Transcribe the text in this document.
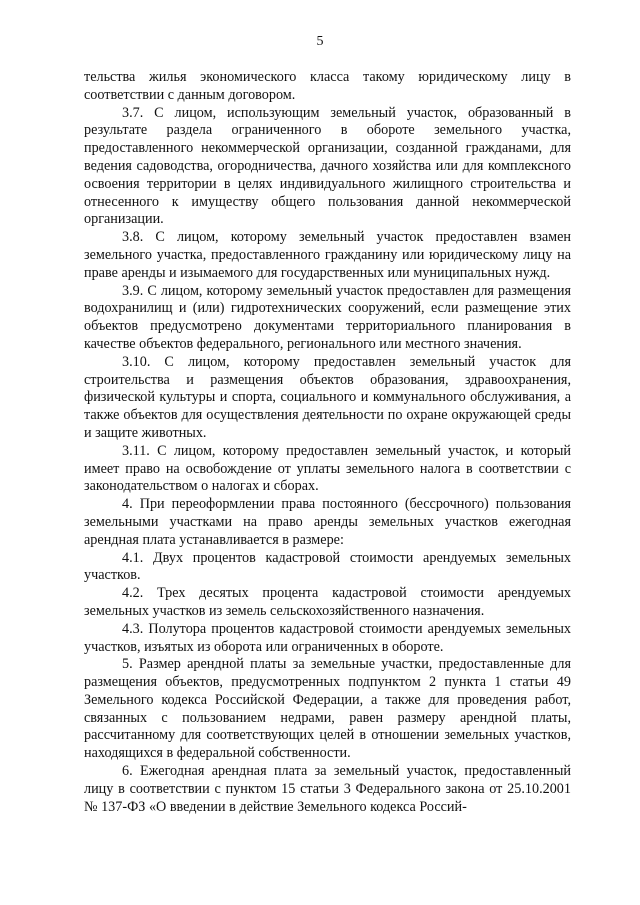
5

тельства жилья экономического класса такому юридическому лицу в соответствии с данным договором.

3.7. С лицом, использующим земельный участок, образованный в результате раздела ограниченного в обороте земельного участка, предоставленного некоммерческой организации, созданной гражданами, для ведения садоводства, огородничества, дачного хозяйства или для комплексного освоения территории в целях индивидуального жилищного строительства и отнесенного к имуществу общего пользования данной некоммерческой организации.

3.8. С лицом, которому земельный участок предоставлен взамен земельного участка, предоставленного гражданину или юридическому лицу на праве аренды и изымаемого для государственных или муниципальных нужд.

3.9. С лицом, которому земельный участок предоставлен для размещения водохранилищ и (или) гидротехнических сооружений, если размещение этих объектов предусмотрено документами территориального планирования в качестве объектов федерального, регионального или местного значения.

3.10. С лицом, которому предоставлен земельный участок для строительства и размещения объектов образования, здравоохранения, физической культуры и спорта, социального и коммунального обслуживания, а также объектов для осуществления деятельности по охране окружающей среды и защите животных.

3.11. С лицом, которому предоставлен земельный участок, и который имеет право на освобождение от уплаты земельного налога в соответствии с законодательством о налогах и сборах.

4. При переоформлении права постоянного (бессрочного) пользования земельными участками на право аренды земельных участков ежегодная арендная плата устанавливается в размере:

4.1. Двух процентов кадастровой стоимости арендуемых земельных участков.

4.2. Трех десятых процента кадастровой стоимости арендуемых земельных участков из земель сельскохозяйственного назначения.

4.3. Полутора процентов кадастровой стоимости арендуемых земельных участков, изъятых из оборота или ограниченных в обороте.

5. Размер арендной платы за земельные участки, предоставленные для размещения объектов, предусмотренных подпунктом 2 пункта 1 статьи 49 Земельного кодекса Российской Федерации, а также для проведения работ, связанных с пользованием недрами, равен размеру арендной платы, рассчитанному для соответствующих целей в отношении земельных участков, находящихся в федеральной собственности.

6. Ежегодная арендная плата за земельный участок, предоставленный лицу в соответствии с пунктом 15 статьи 3 Федерального закона от 25.10.2001 № 137-ФЗ «О введении в действие Земельного кодекса Россий-
